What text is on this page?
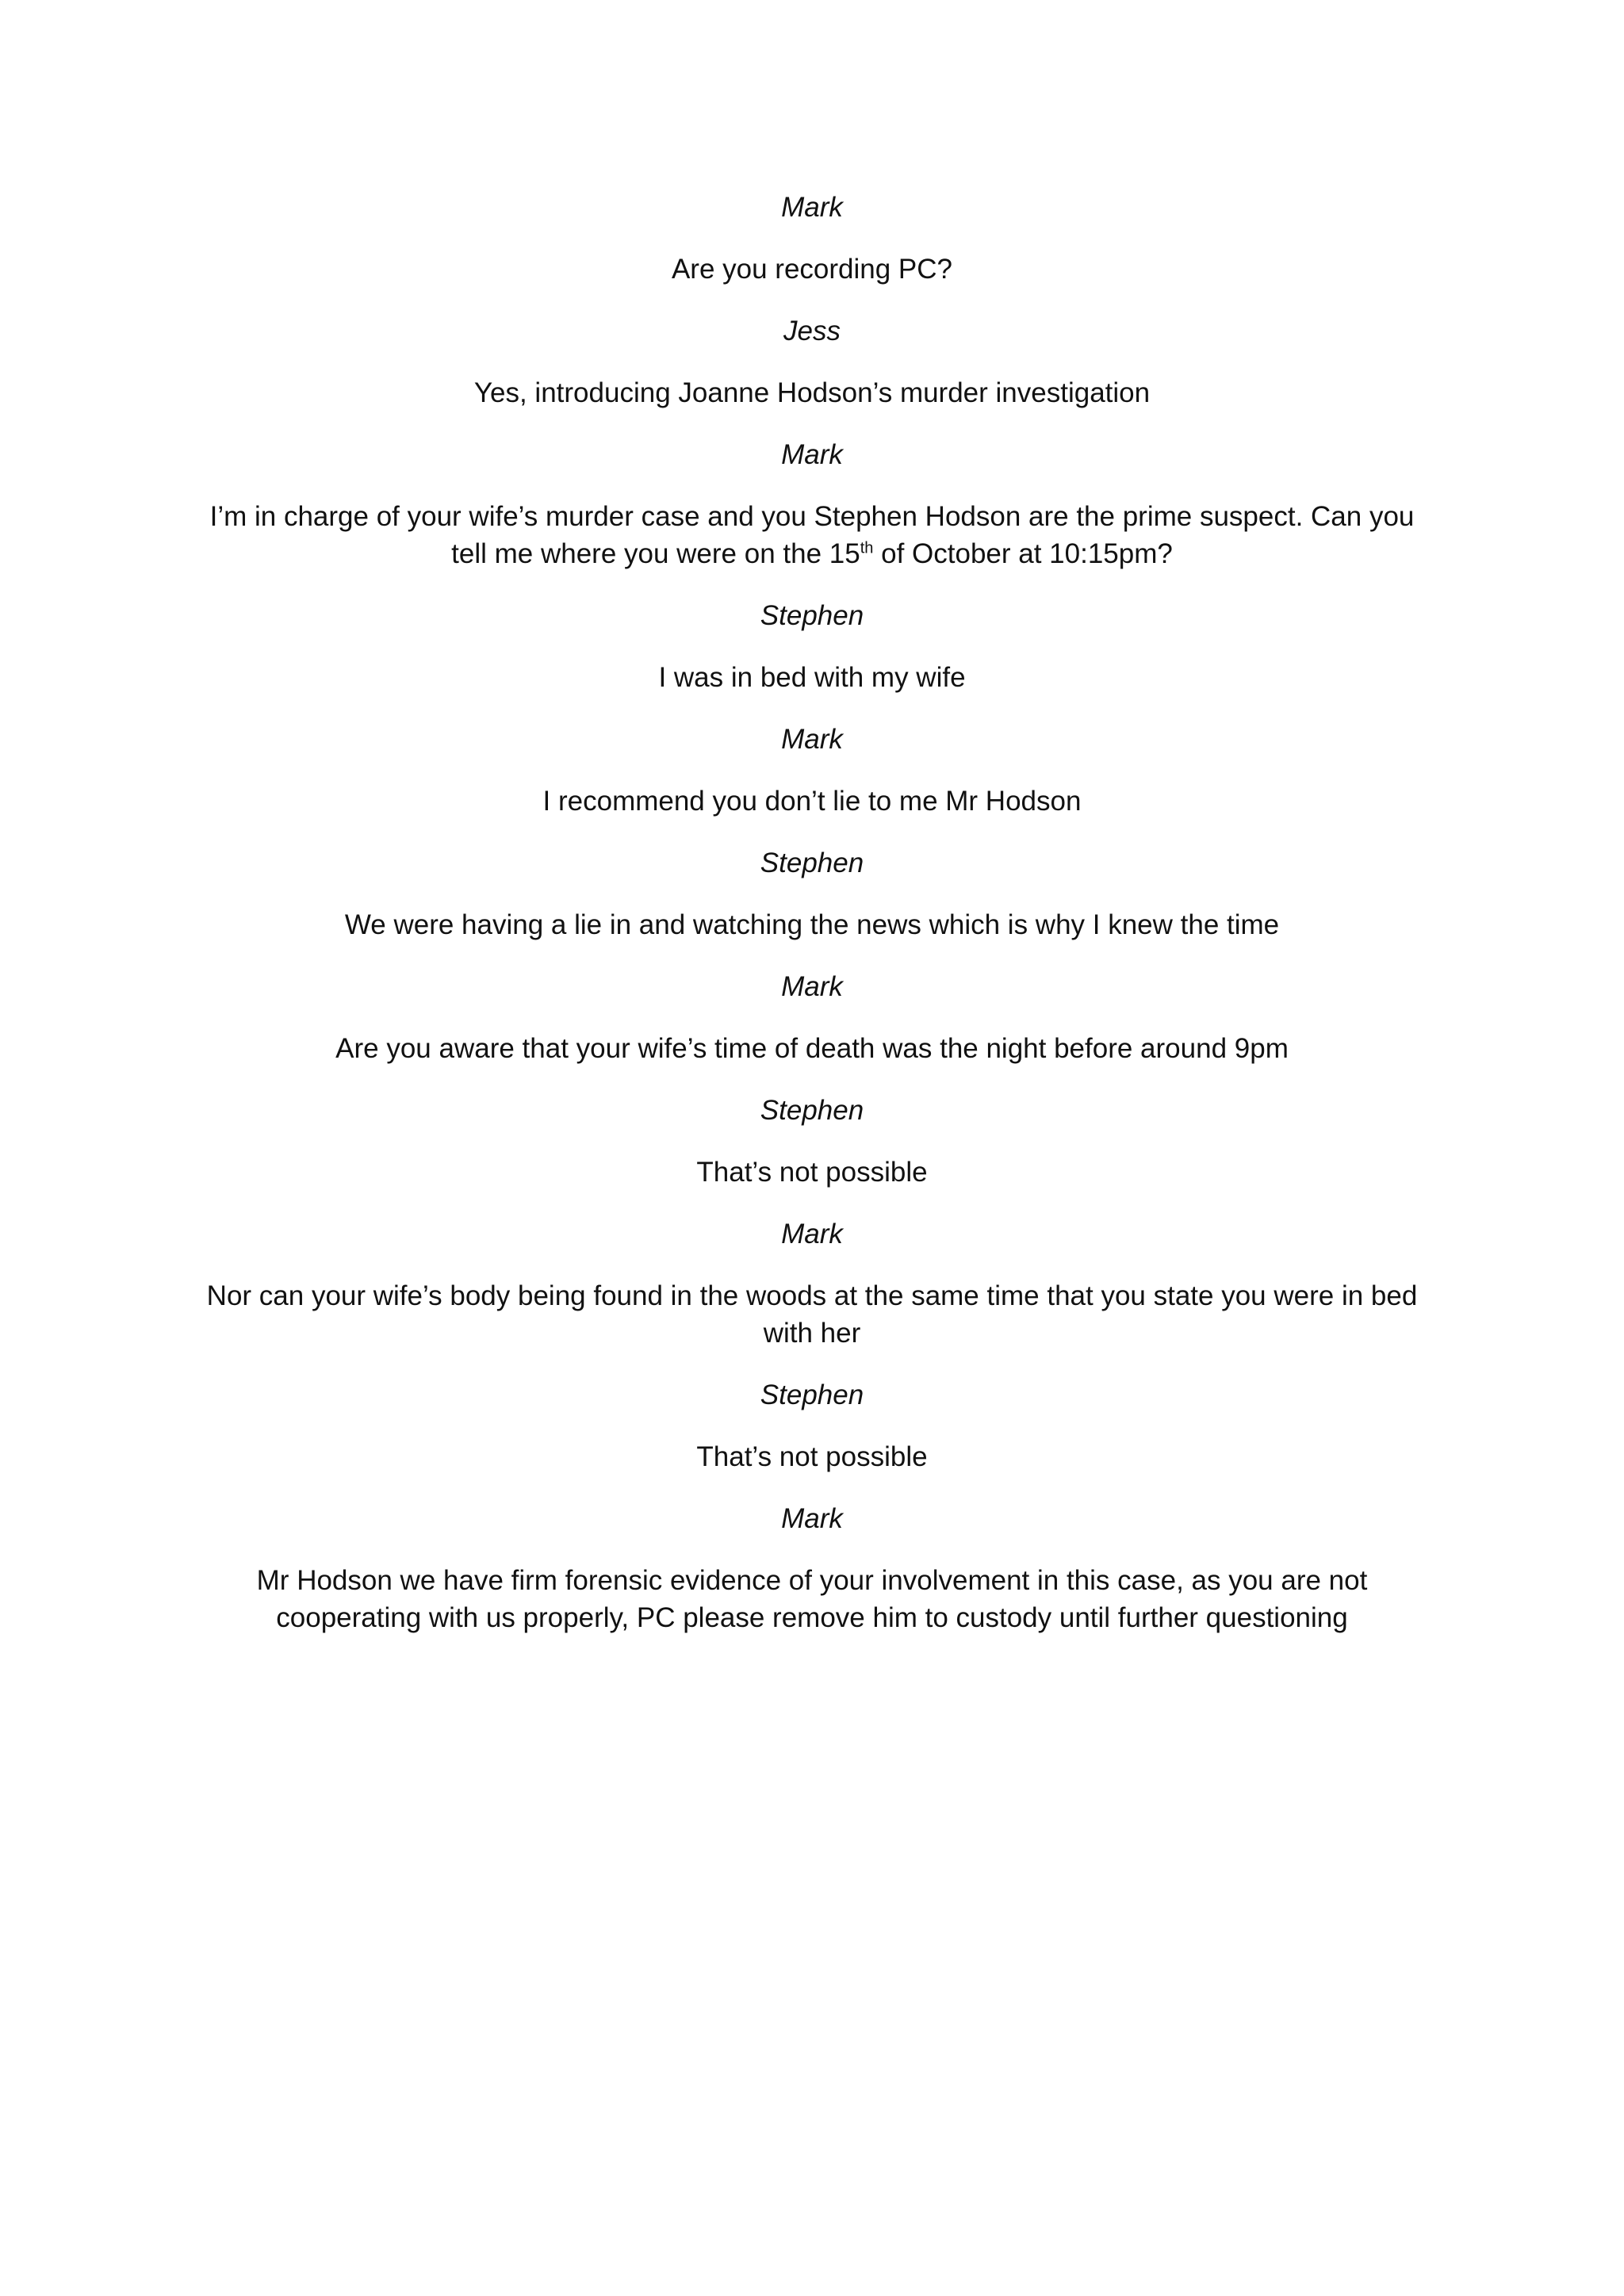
Mark
Are you recording PC?
Jess
Yes, introducing Joanne Hodson’s murder investigation
Mark
I’m in charge of your wife’s murder case and you Stephen Hodson are the prime suspect. Can you tell me where you were on the 15th of October at 10:15pm?
Stephen
I was in bed with my wife
Mark
I recommend you don’t lie to me Mr Hodson
Stephen
We were having a lie in and watching the news which is why I knew the time
Mark
Are you aware that your wife’s time of death was the night before around 9pm
Stephen
That’s not possible
Mark
Nor can your wife’s body being found in the woods at the same time that you state you were in bed with her
Stephen
That’s not possible
Mark
Mr Hodson we have firm forensic evidence of your involvement in this case, as you are not cooperating with us properly, PC please remove him to custody until further questioning
